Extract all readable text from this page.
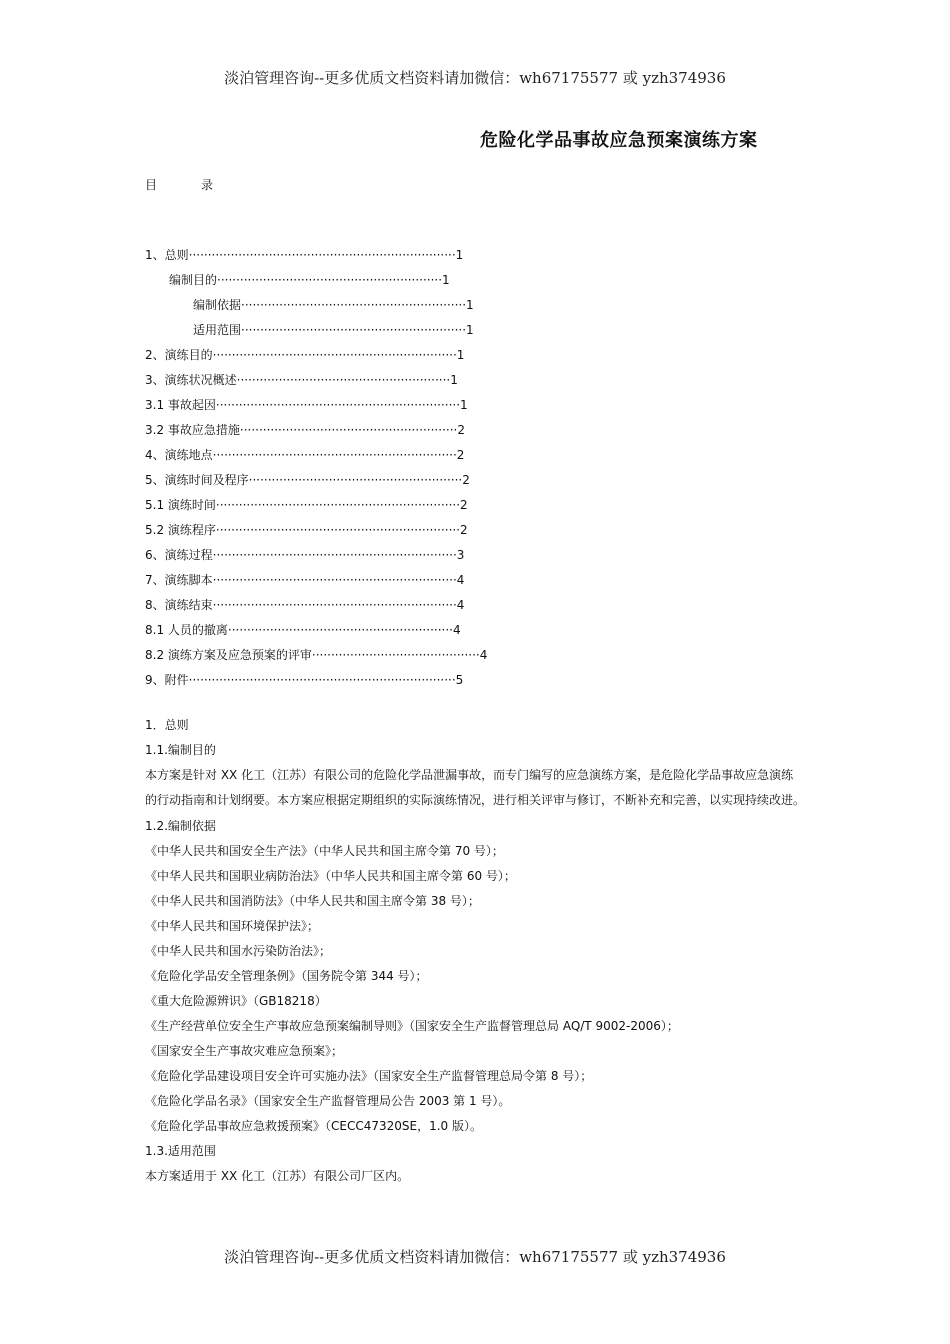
淡泊管理咨询--更多优质文档资料请加微信：wh67175577 或 yzh374936
危险化学品事故应急预案演练方案
目	录
1、总则······································································1
编制目的···························································1
编制依据···························································1
适用范围···························································1
2、演练目的································································1
3、演练状况概述························································1
3.1 事故起因································································1
3.2 事故应急措施·························································2
4、演练地点································································2
5、演练时间及程序························································2
5.1 演练时间································································2
5.2 演练程序································································2
6、演练过程································································3
7、演练脚本································································4
8、演练结束································································4
8.1 人员的撤离···························································4
8.2 演练方案及应急预案的评审············································4
9、附件······································································5

1．总则

1.1.编制目的

本方案是针对 XX 化工（江苏）有限公司的危险化学品泄漏事故，而专门编写的应急演练方案，是危险化学品事故应急演练的行动指南和计划纲要。本方案应根据定期组织的实际演练情况，进行相关评审与修订，不断补充和完善，以实现持续改进。

1.2.编制依据

《中华人民共和国安全生产法》（中华人民共和国主席令第 70 号）；

《中华人民共和国职业病防治法》（中华人民共和国主席令第 60 号）；

《中华人民共和国消防法》（中华人民共和国主席令第 38 号）；

《中华人民共和国环境保护法》；

《中华人民共和国水污染防治法》；

《危险化学品安全管理条例》（国务院令第 344 号）；

《重大危险源辨识》（GB18218）

《生产经营单位安全生产事故应急预案编制导则》（国家安全生产监督管理总局 AQ/T 9002-2006）；

《国家安全生产事故灾难应急预案》；

《危险化学品建设项目安全许可实施办法》（国家安全生产监督管理总局令第 8 号）；

《危险化学品名录》（国家安全生产监督管理局公告 2003 第 1 号）。

《危险化学品事故应急救援预案》（CECC47320SE，1.0 版）。

1.3.适用范围

本方案适用于 XX 化工（江苏）有限公司厂区内。

淡泊管理咨询--更多优质文档资料请加微信：wh67175577 或 yzh374936
